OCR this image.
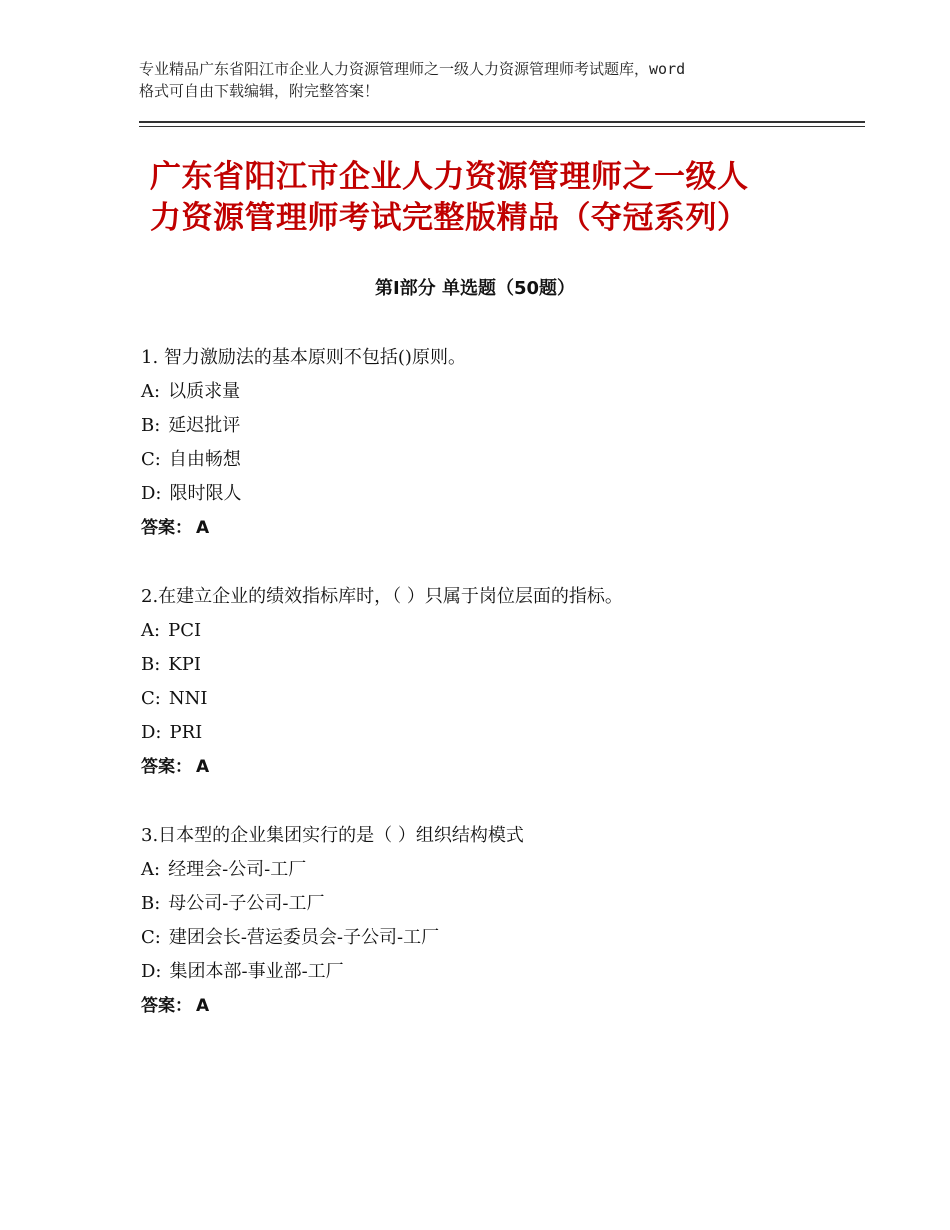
专业精品广东省阳江市企业人力资源管理师之一级人力资源管理师考试题库，word
格式可自由下载编辑，附完整答案！
广东省阳江市企业人力资源管理师之一级人
力资源管理师考试完整版精品（夺冠系列）
第Ⅰ部分 单选题（50题）
1. 智力激励法的基本原则不包括()原则。
A: 以质求量
B: 延迟批评
C: 自由畅想
D: 限时限人
答案： A
2.在建立企业的绩效指标库时，（ ）只属于岗位层面的指标。
A: PCI
B: KPI
C: NNI
D: PRI
答案： A
3.日本型的企业集团实行的是（ ）组织结构模式
A: 经理会-公司-工厂
B: 母公司-子公司-工厂
C: 建团会长-营运委员会-子公司-工厂
D: 集团本部-事业部-工厂
答案： A
